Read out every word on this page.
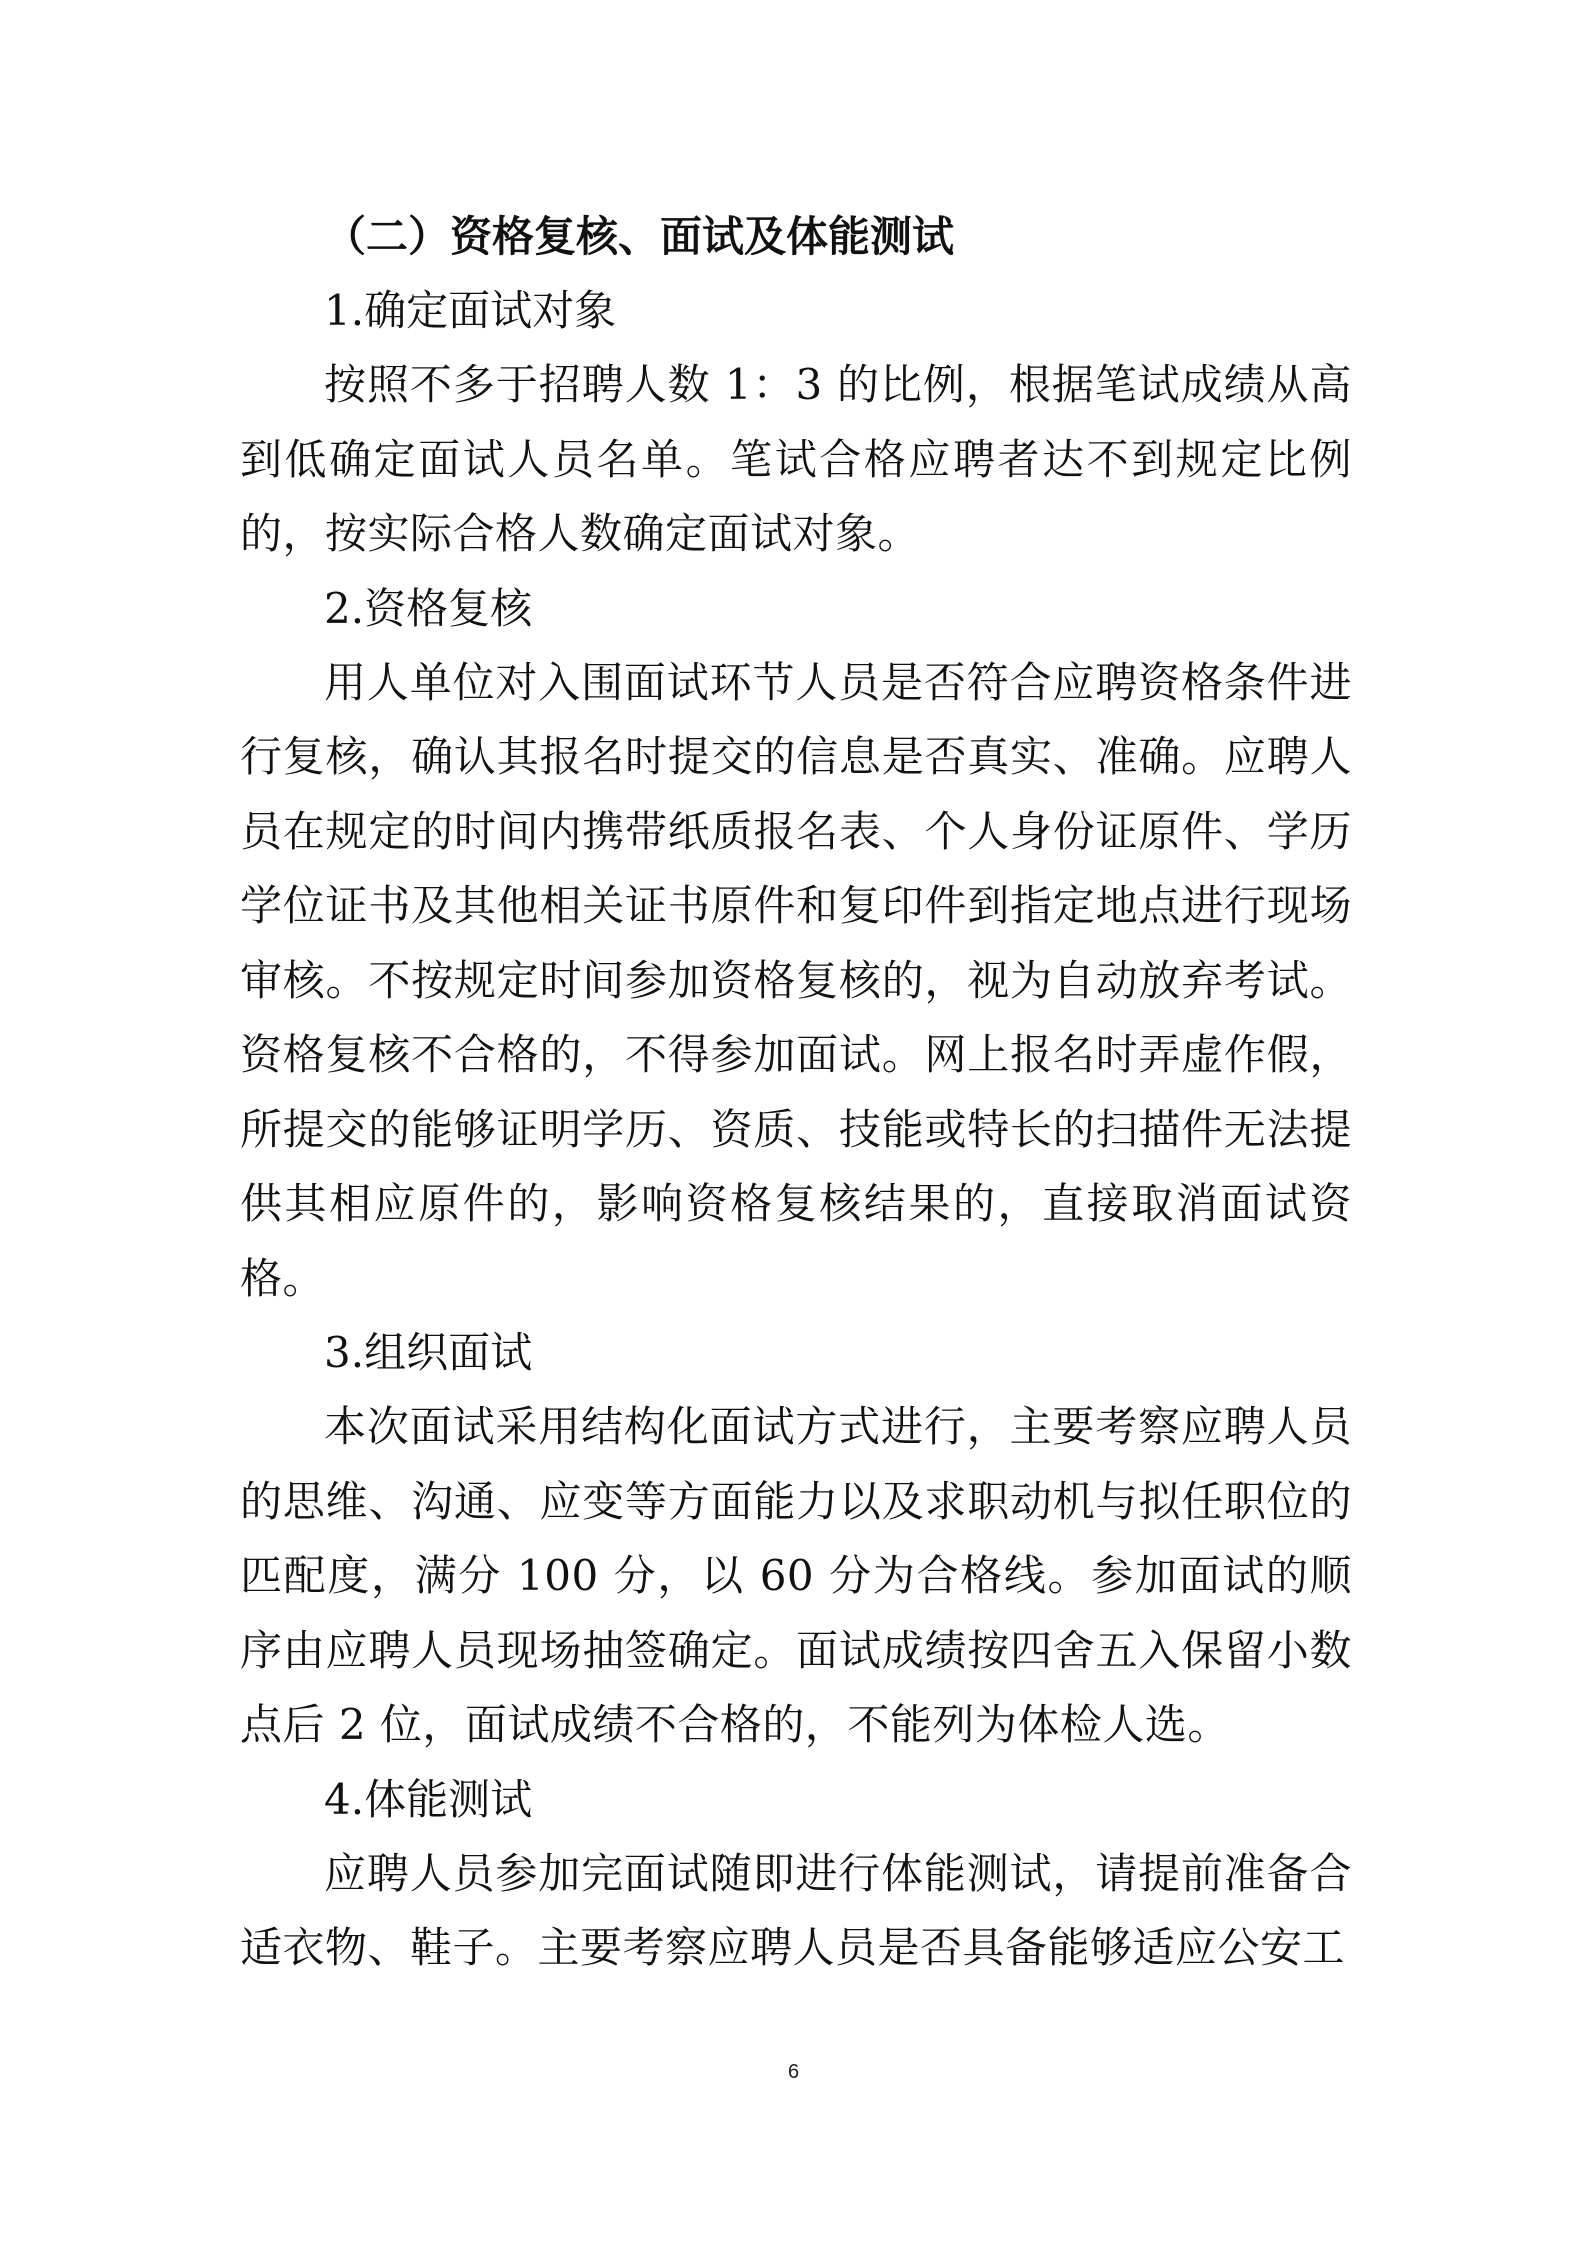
（二）资格复核、面试及体能测试

1.确定面试对象

按照不多于招聘人数 1：3 的比例，根据笔试成绩从高到低确定面试人员名单。笔试合格应聘者达不到规定比例的，按实际合格人数确定面试对象。

2.资格复核

用人单位对入围面试环节人员是否符合应聘资格条件进行复核，确认其报名时提交的信息是否真实、准确。应聘人员在规定的时间内携带纸质报名表、个人身份证原件、学历学位证书及其他相关证书原件和复印件到指定地点进行现场审核。不按规定时间参加资格复核的，视为自动放弃考试。资格复核不合格的，不得参加面试。网上报名时弄虚作假，所提交的能够证明学历、资质、技能或特长的扫描件无法提供其相应原件的，影响资格复核结果的，直接取消面试资格。

3.组织面试

本次面试采用结构化面试方式进行，主要考察应聘人员的思维、沟通、应变等方面能力以及求职动机与拟任职位的匹配度，满分 100 分，以 60 分为合格线。参加面试的顺序由应聘人员现场抽签确定。面试成绩按四舍五入保留小数点后 2 位，面试成绩不合格的，不能列为体检人选。

4.体能测试

应聘人员参加完面试随即进行体能测试，请提前准备合适衣物、鞋子。主要考察应聘人员是否具备能够适应公安工

6
